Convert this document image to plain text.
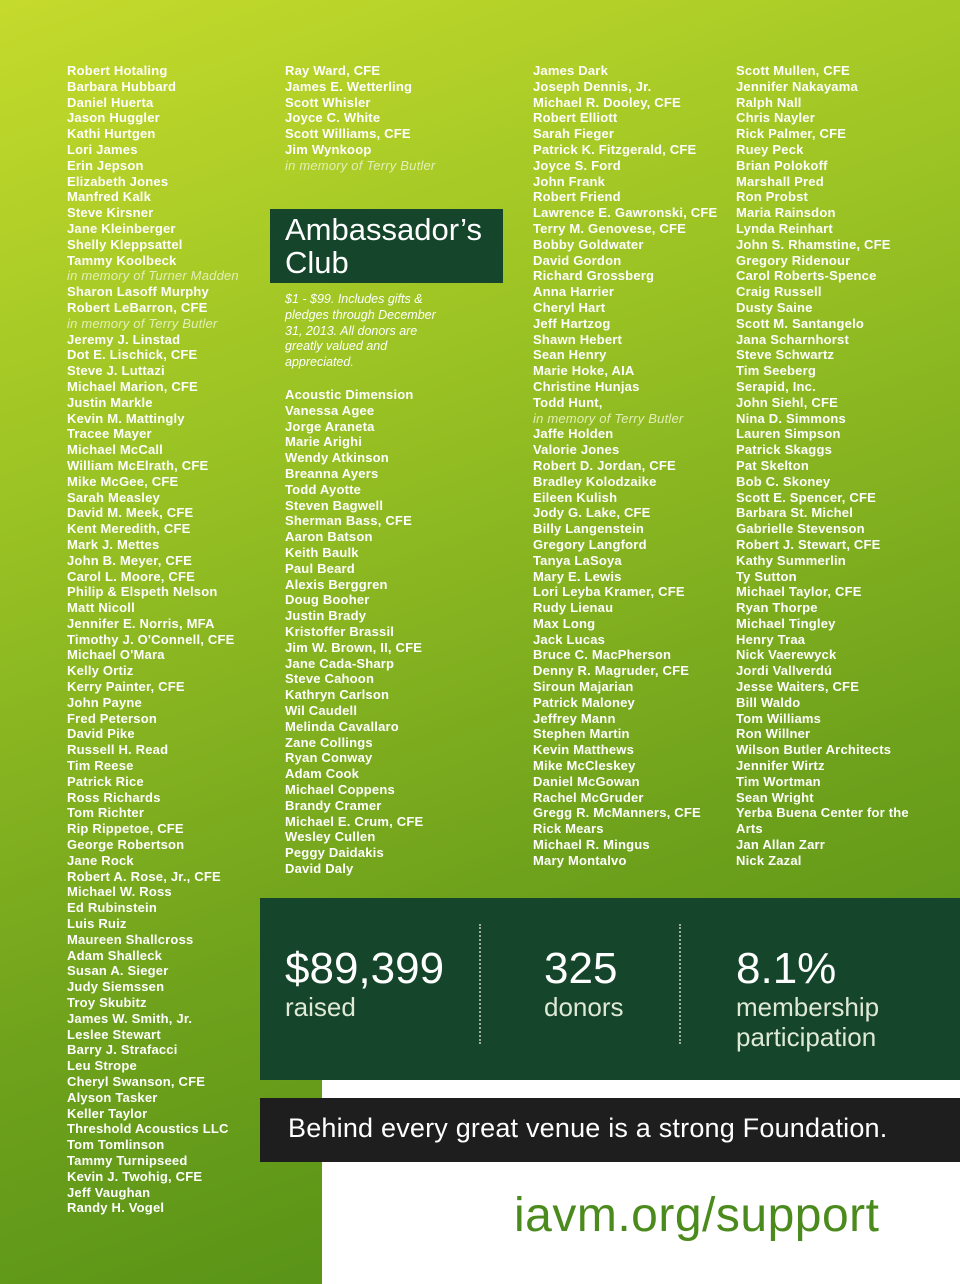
Robert Hotaling
Barbara Hubbard
Daniel Huerta
Jason Huggler
Kathi Hurtgen
Lori James
Erin Jepson
Elizabeth Jones
Manfred Kalk
Steve Kirsner
Jane Kleinberger
Shelly Kleppsattel
Tammy Koolbeck
in memory of Turner Madden
Sharon Lasoff Murphy
Robert LeBarron, CFE
in memory of Terry Butler
Jeremy J. Linstad
Dot E. Lischick, CFE
Steve J. Luttazi
Michael Marion, CFE
Justin Markle
Kevin M. Mattingly
Tracee Mayer
Michael McCall
William McElrath, CFE
Mike McGee, CFE
Sarah Measley
David M. Meek, CFE
Kent Meredith, CFE
Mark J. Mettes
John B. Meyer, CFE
Carol L. Moore, CFE
Philip & Elspeth Nelson
Matt Nicoll
Jennifer E. Norris, MFA
Timothy J. O'Connell, CFE
Michael O'Mara
Kelly Ortiz
Kerry Painter, CFE
John Payne
Fred Peterson
David Pike
Russell H. Read
Tim Reese
Patrick Rice
Ross Richards
Tom Richter
Rip Rippetoe, CFE
George Robertson
Jane Rock
Robert A. Rose, Jr., CFE
Michael W. Ross
Ed Rubinstein
Luis Ruiz
Maureen Shallcross
Adam Shalleck
Susan A. Sieger
Judy Siemssen
Troy Skubitz
James W. Smith, Jr.
Leslee Stewart
Barry J. Strafacci
Leu Strope
Cheryl Swanson, CFE
Alyson Tasker
Keller Taylor
Threshold Acoustics LLC
Tom Tomlinson
Tammy Turnipseed
Kevin J. Twohig, CFE
Jeff Vaughan
Randy H. Vogel
Ray Ward, CFE
James E. Wetterling
Scott Whisler
Joyce C. White
Scott Williams, CFE
Jim Wynkoop
in memory of Terry Butler
Ambassador’s
Club
$1 - $99. Includes gifts & pledges through December 31, 2013. All donors are greatly valued and appreciated.
Acoustic Dimension
Vanessa Agee
Jorge Araneta
Marie Arighi
Wendy Atkinson
Breanna Ayers
Todd Ayotte
Steven Bagwell
Sherman Bass, CFE
Aaron Batson
Keith Baulk
Paul Beard
Alexis Berggren
Doug Booher
Justin Brady
Kristoffer Brassil
Jim W. Brown, II, CFE
Jane Cada-Sharp
Steve Cahoon
Kathryn Carlson
Wil Caudell
Melinda Cavallaro
Zane Collings
Ryan Conway
Adam Cook
Michael Coppens
Brandy Cramer
Michael E. Crum, CFE
Wesley Cullen
Peggy Daidakis
David Daly
James Dark
Joseph Dennis, Jr.
Michael R. Dooley, CFE
Robert Elliott
Sarah Fieger
Patrick K. Fitzgerald, CFE
Joyce S. Ford
John Frank
Robert Friend
Lawrence E. Gawronski, CFE
Terry M. Genovese, CFE
Bobby Goldwater
David Gordon
Richard Grossberg
Anna Harrier
Cheryl Hart
Jeff Hartzog
Shawn Hebert
Sean Henry
Marie Hoke, AIA
Christine Hunjas
Todd Hunt,
in memory of Terry Butler
Jaffe Holden
Valorie Jones
Robert D. Jordan, CFE
Bradley Kolodzaike
Eileen Kulish
Jody G. Lake, CFE
Billy Langenstein
Gregory Langford
Tanya LaSoya
Mary E. Lewis
Lori Leyba Kramer, CFE
Rudy Lienau
Max Long
Jack Lucas
Bruce C. MacPherson
Denny R. Magruder, CFE
Siroun Majarian
Patrick Maloney
Jeffrey Mann
Stephen Martin
Kevin Matthews
Mike McCleskey
Daniel McGowan
Rachel McGruder
Gregg R. McManners, CFE
Rick Mears
Michael R. Mingus
Mary Montalvo
Scott Mullen, CFE
Jennifer Nakayama
Ralph Nall
Chris Nayler
Rick Palmer, CFE
Ruey Peck
Brian Polokoff
Marshall Pred
Ron Probst
Maria Rainsdon
Lynda Reinhart
John S. Rhamstine, CFE
Gregory Ridenour
Carol Roberts-Spence
Craig Russell
Dusty Saine
Scott M. Santangelo
Jana Scharnhorst
Steve Schwartz
Tim Seeberg
Serapid, Inc.
John Siehl, CFE
Nina D. Simmons
Lauren Simpson
Patrick Skaggs
Pat Skelton
Bob C. Skoney
Scott E. Spencer, CFE
Barbara St. Michel
Gabrielle Stevenson
Robert J. Stewart, CFE
Kathy Summerlin
Ty Sutton
Michael Taylor, CFE
Ryan Thorpe
Michael Tingley
Henry Traa
Nick Vaerewyck
Jordi Vallverdú
Jesse Waiters, CFE
Bill Waldo
Tom Williams
Ron Willner
Wilson Butler Architects
Jennifer Wirtz
Tim Wortman
Sean Wright
Yerba Buena Center for the
Arts
Jan Allan Zarr
Nick Zazal
$89,399
raised
325
donors
8.1%
membership
participation
Behind every great venue is a strong Foundation.
iavm.org/support
